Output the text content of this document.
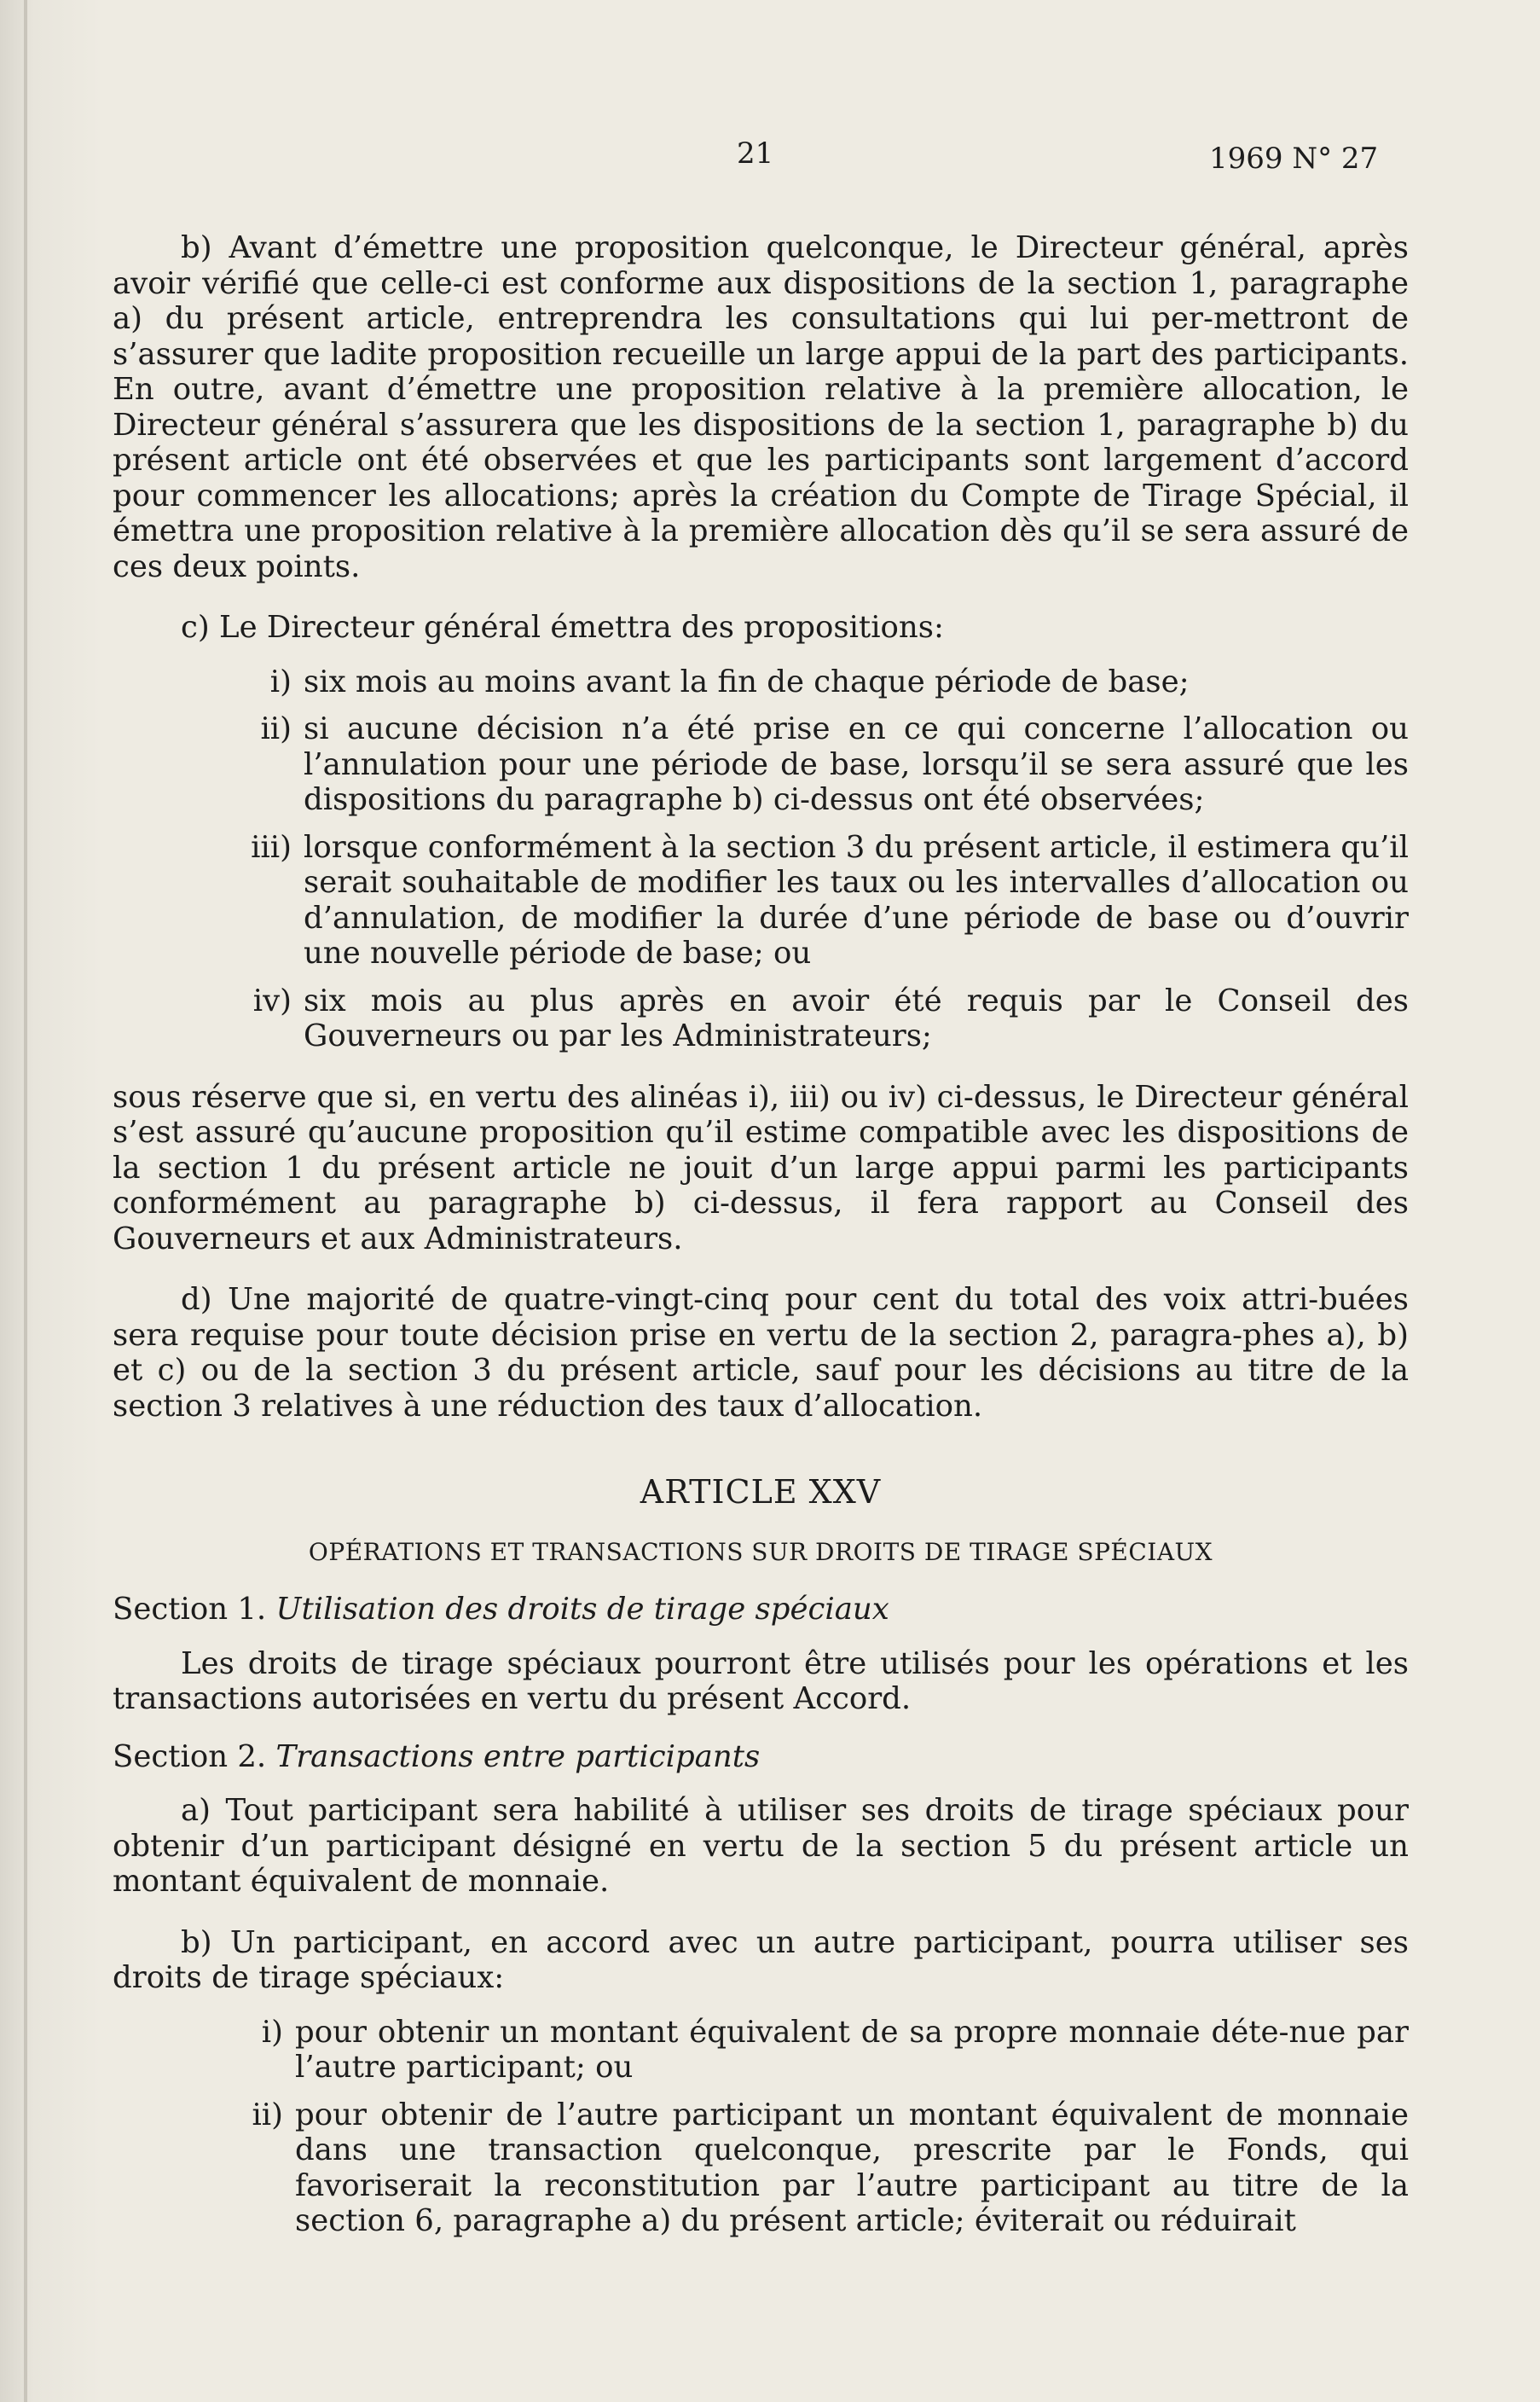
21	1969 N° 27

b) Avant d’émettre une proposition quelconque, le Directeur général, après avoir vérifié que celle-ci est conforme aux dispositions de la section 1, paragraphe a) du présent article, entreprendra les consultations qui lui per-mettront de s’assurer que ladite proposition recueille un large appui de la part des participants. En outre, avant d’émettre une proposition relative à la première allocation, le Directeur général s’assurera que les dispositions de la section 1, paragraphe b) du présent article ont été observées et que les participants sont largement d’accord pour commencer les allocations; après la création du Compte de Tirage Spécial, il émettra une proposition relative à la première allocation dès qu’il se sera assuré de ces deux points.

c) Le Directeur général émettra des propositions:

i) six mois au moins avant la fin de chaque période de base;
ii) si aucune décision n’a été prise en ce qui concerne l’allocation ou l’annulation pour une période de base, lorsqu’il se sera assuré que les dispositions du paragraphe b) ci-dessus ont été observées;
iii) lorsque conformément à la section 3 du présent article, il estimera qu’il serait souhaitable de modifier les taux ou les intervalles d’allocation ou d’annulation, de modifier la durée d’une période de base ou d’ouvrir une nouvelle période de base; ou
iv) six mois au plus après en avoir été requis par le Conseil des Gouverneurs ou par les Administrateurs;

sous réserve que si, en vertu des alinéas i), iii) ou iv) ci-dessus, le Directeur général s’est assuré qu’aucune proposition qu’il estime compatible avec les dispositions de la section 1 du présent article ne jouit d’un large appui parmi les participants conformément au paragraphe b) ci-dessus, il fera rapport au Conseil des Gouverneurs et aux Administrateurs.

d) Une majorité de quatre-vingt-cinq pour cent du total des voix attri-buées sera requise pour toute décision prise en vertu de la section 2, paragra-phes a), b) et c) ou de la section 3 du présent article, sauf pour les décisions au titre de la section 3 relatives à une réduction des taux d’allocation.

ARTICLE XXV
OPÉRATIONS ET TRANSACTIONS SUR DROITS DE TIRAGE SPÉCIAUX

Section 1. Utilisation des droits de tirage spéciaux

Les droits de tirage spéciaux pourront être utilisés pour les opérations et les transactions autorisées en vertu du présent Accord.

Section 2. Transactions entre participants

a) Tout participant sera habilité à utiliser ses droits de tirage spéciaux pour obtenir d’un participant désigné en vertu de la section 5 du présent article un montant équivalent de monnaie.

b) Un participant, en accord avec un autre participant, pourra utiliser ses droits de tirage spéciaux:

i) pour obtenir un montant équivalent de sa propre monnaie déte-nue par l’autre participant; ou
ii) pour obtenir de l’autre participant un montant équivalent de monnaie dans une transaction quelconque, prescrite par le Fonds, qui favoriserait la reconstitution par l’autre participant au titre de la section 6, paragraphe a) du présent article; éviterait ou réduirait
